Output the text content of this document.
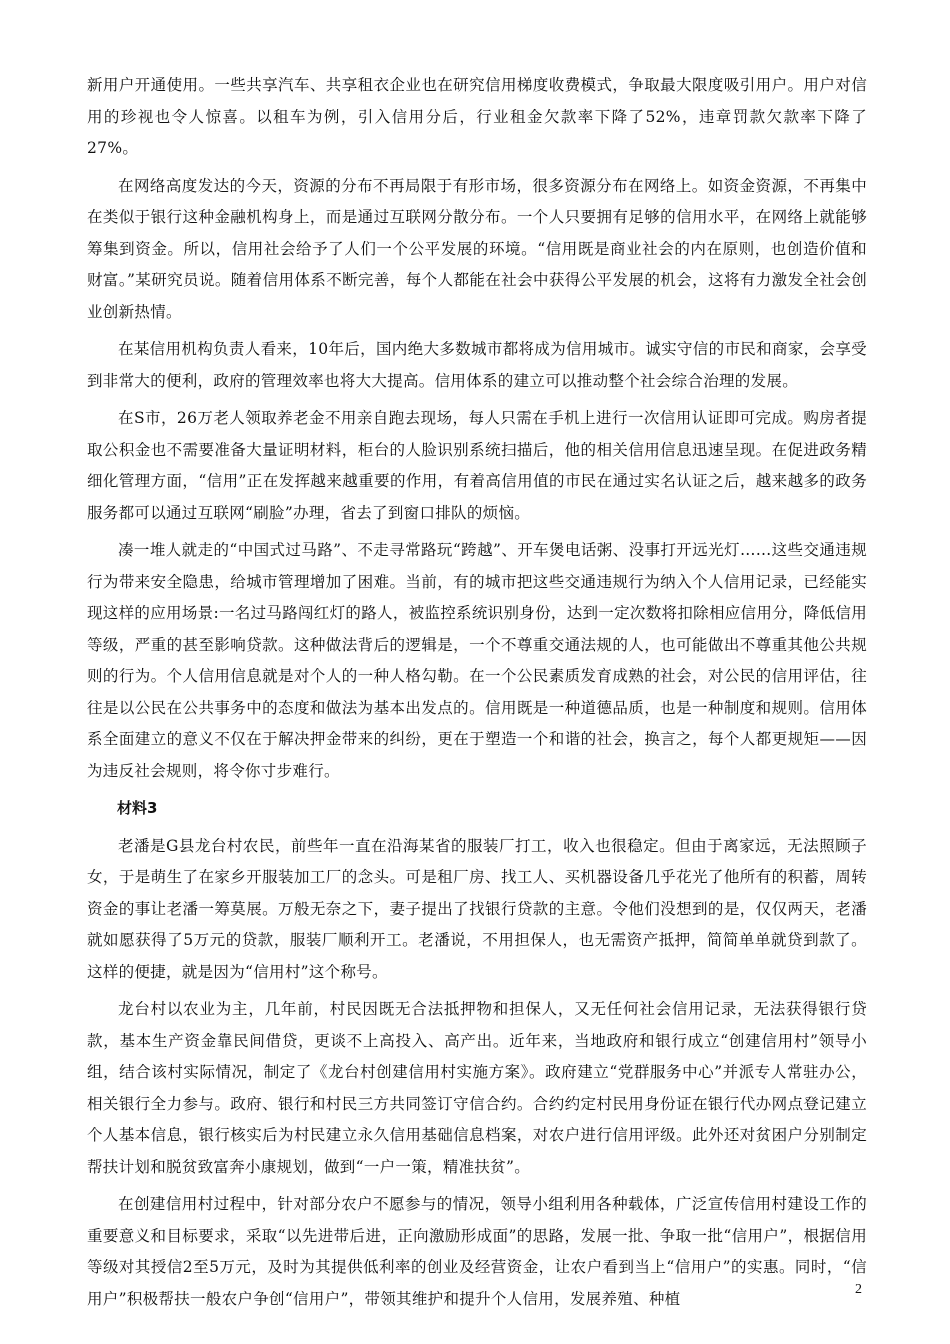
新用户开通使用。一些共享汽车、共享租衣企业也在研究信用梯度收费模式，争取最大限度吸引用户。用户对信用的珍视也令人惊喜。以租车为例，引入信用分后，行业租金欠款率下降了52%，违章罚款欠款率下降了27%。

在网络高度发达的今天，资源的分布不再局限于有形市场，很多资源分布在网络上。如资金资源，不再集中在类似于银行这种金融机构身上，而是通过互联网分散分布。一个人只要拥有足够的信用水平，在网络上就能够筹集到资金。所以，信用社会给予了人们一个公平发展的环境。“信用既是商业社会的内在原则，也创造价值和财富。”某研究员说。随着信用体系不断完善，每个人都能在社会中获得公平发展的机会，这将有力激发全社会创业创新热情。

在某信用机构负责人看来，10年后，国内绝大多数城市都将成为信用城市。诚实守信的市民和商家，会享受到非常大的便利，政府的管理效率也将大大提高。信用体系的建立可以推动整个社会综合治理的发展。

在S市，26万老人领取养老金不用亲自跑去现场，每人只需在手机上进行一次信用认证即可完成。购房者提取公积金也不需要准备大量证明材料，柜台的人脸识别系统扫描后，他的相关信用信息迅速呈现。在促进政务精细化管理方面，“信用”正在发挥越来越重要的作用，有着高信用值的市民在通过实名认证之后，越来越多的政务服务都可以通过互联网“刷脸”办理，省去了到窗口排队的烦恼。

凑一堆人就走的“中国式过马路”、不走寻常路玩“跨越”、开车煲电话粥、没事打开远光灯……这些交通违规行为带来安全隐患，给城市管理增加了困难。当前，有的城市把这些交通违规行为纳入个人信用记录，已经能实现这样的应用场景:一名过马路闯红灯的路人，被监控系统识别身份，达到一定次数将扣除相应信用分，降低信用等级，严重的甚至影响贷款。这种做法背后的逻辑是，一个不尊重交通法规的人，也可能做出不尊重其他公共规则的行为。个人信用信息就是对个人的一种人格勾勒。在一个公民素质发育成熟的社会，对公民的信用评估，往往是以公民在公共事务中的态度和做法为基本出发点的。信用既是一种道德品质，也是一种制度和规则。信用体系全面建立的意义不仅在于解决押金带来的纠纷，更在于塑造一个和谐的社会，换言之，每个人都更规矩——因为违反社会规则，将令你寸步难行。

材料3

老潘是G县龙台村农民，前些年一直在沿海某省的服装厂打工，收入也很稳定。但由于离家远，无法照顾子女，于是萌生了在家乡开服装加工厂的念头。可是租厂房、找工人、买机器设备几乎花光了他所有的积蓄，周转资金的事让老潘一筹莫展。万般无奈之下，妻子提出了找银行贷款的主意。令他们没想到的是，仅仅两天，老潘就如愿获得了5万元的贷款，服装厂顺利开工。老潘说，不用担保人，也无需资产抵押，简简单单就贷到款了。这样的便捷，就是因为“信用村”这个称号。

龙台村以农业为主，几年前，村民因既无合法抵押物和担保人，又无任何社会信用记录，无法获得银行贷款，基本生产资金靠民间借贷，更谈不上高投入、高产出。近年来，当地政府和银行成立“创建信用村”领导小组，结合该村实际情况，制定了《龙台村创建信用村实施方案》。政府建立“党群服务中心”并派专人常驻办公，相关银行全力参与。政府、银行和村民三方共同签订守信合约。合约约定村民用身份证在银行代办网点登记建立个人基本信息，银行核实后为村民建立永久信用基础信息档案，对农户进行信用评级。此外还对贫困户分别制定帮扶计划和脱贫致富奔小康规划，做到“一户一策，精准扶贫”。

在创建信用村过程中，针对部分农户不愿参与的情况，领导小组利用各种载体，广泛宣传信用村建设工作的重要意义和目标要求，采取“以先进带后进，正向激励形成面”的思路，发展一批、争取一批“信用户”，根据信用等级对其授信2至5万元，及时为其提供低利率的创业及经营资金，让农户看到当上“信用户”的实惠。同时，“信用户”积极帮扶一般农户争创“信用户”，带领其维护和提升个人信用，发展养殖、种植	2
